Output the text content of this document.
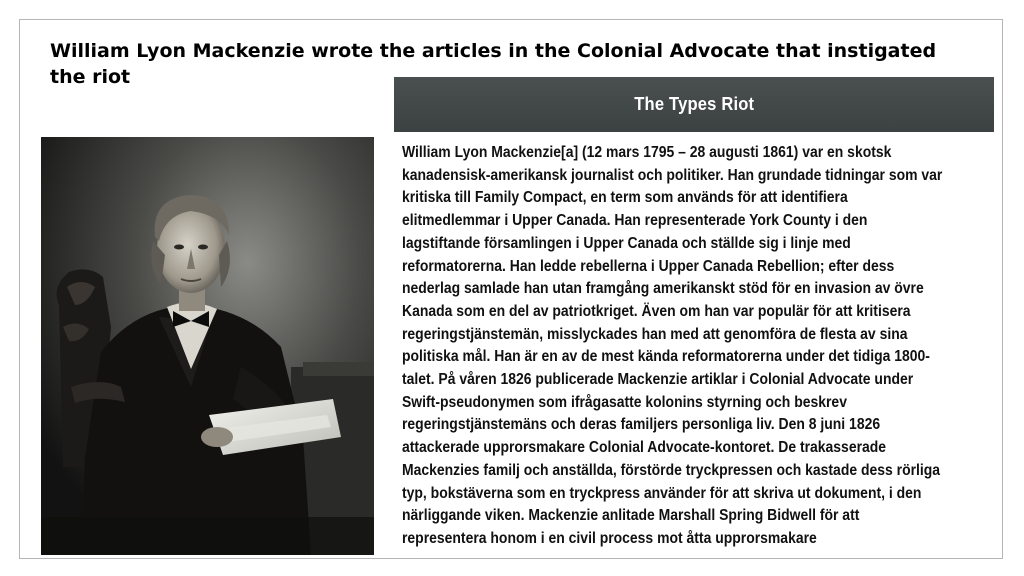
William Lyon Mackenzie wrote the articles in the Colonial Advocate that instigated the riot
The Types Riot

William Lyon Mackenzie[a] (12 mars 1795 – 28 augusti 1861) var en skotsk kanadensisk-amerikansk journalist och politiker. Han grundade tidningar som var kritiska till Family Compact, en term som används för att identifiera elitmedlemmar i Upper Canada. Han representerade York County i den lagstiftande församlingen i Upper Canada och ställde sig i linje med reformatorerna. Han ledde rebellerna i Upper Canada Rebellion; efter dess nederlag samlade han utan framgång amerikanskt stöd för en invasion av övre Kanada som en del av patriotkriget. Även om han var populär för att kritisera regeringstjänstemän, misslyckades han med att genomföra de flesta av sina politiska mål. Han är en av de mest kända reformatorerna under det tidiga 1800-talet. På våren 1826 publicerade Mackenzie artiklar i Colonial Advocate under Swift-pseudonymen som ifrågasatte kolonins styrning och beskrev regeringstjänstemäns och deras familjers personliga liv. Den 8 juni 1826 attackerade upprorsmakare Colonial Advocate-kontoret. De trakasserade Mackenzies familj och anställda, förstörde tryckpressen och kastade dess rörliga typ, bokstäverna som en tryckpress använder för att skriva ut dokument, i den närliggande viken. Mackenzie anlitade Marshall Spring Bidwell för att representera honom i en civil process mot åtta upprorsmakare
